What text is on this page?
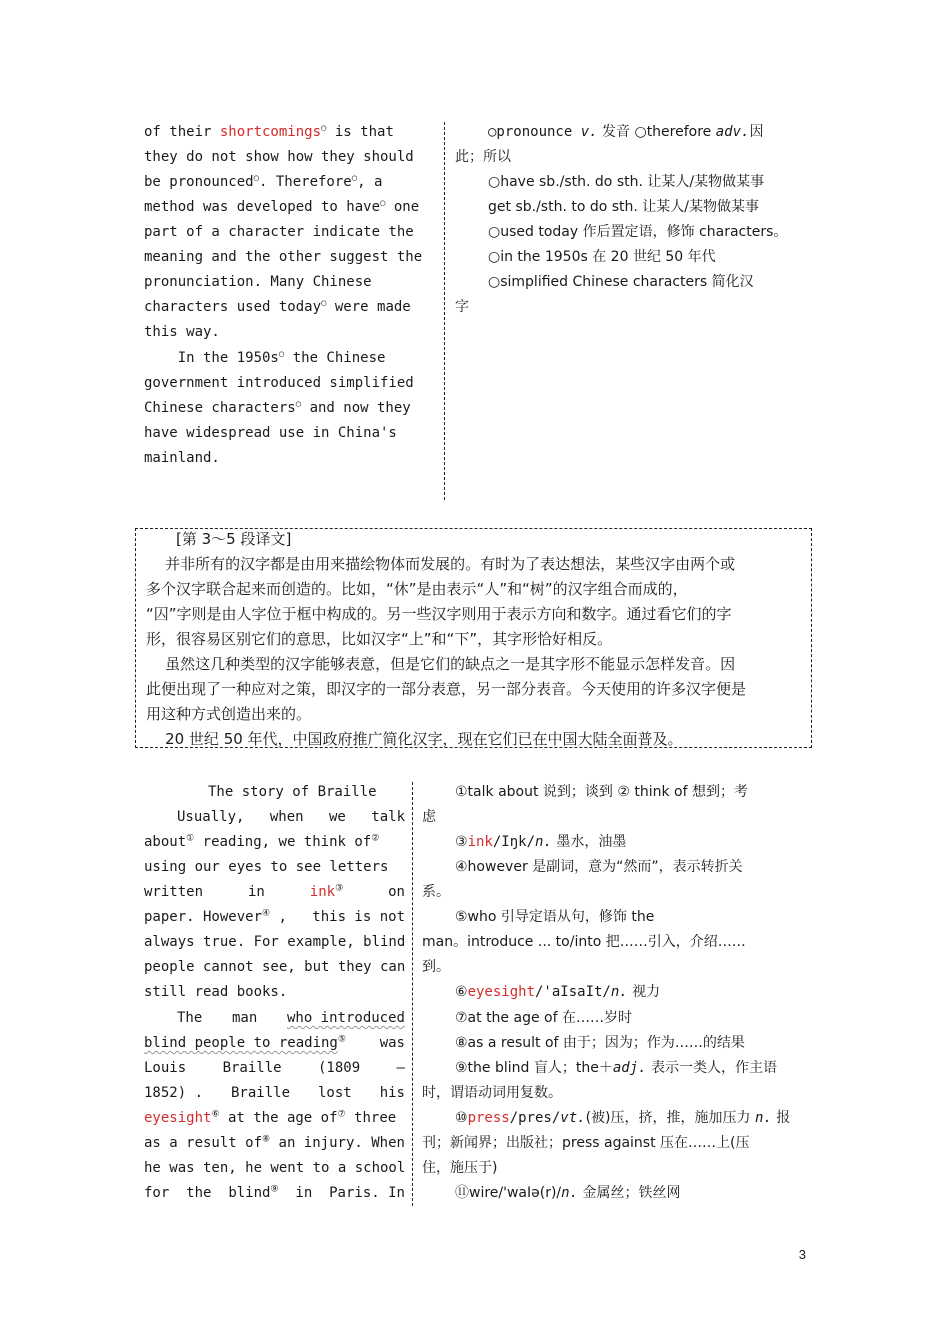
of their shortcomings○ is that
they do not show how they should
be pronounced○. Therefore○, a
method was developed to have○ one
part of a character indicate the
meaning and the other suggest the
pronunciation. Many Chinese
characters used today○ were made
this way.
In the 1950s○ the Chinese
government introduced simplified
Chinese characters○ and now they
have widespread use in China's
mainland.
○pronounce v. 发音 ○therefore adv.因
此；所以
○have sb./sth. do sth. 让某人/某物做某事
get sb./sth. to do sth. 让某人/某物做某事
○used today 作后置定语，修饰 characters。
○in the 1950s 在 20 世纪 50 年代
○simplified Chinese characters 简化汉
字
[第 3～5 段译文]
并非所有的汉字都是由用来描绘物体而发展的。有时为了表达想法，某些汉字由两个或
多个汉字联合起来而创造的。比如，“休”是由表示“人”和“树”的汉字组合而成的，
“囚”字则是由人字位于框中构成的。另一些汉字则用于表示方向和数字。通过看它们的字
形，很容易区别它们的意思，比如汉字“上”和“下”，其字形恰好相反。
虽然这几种类型的汉字能够表意，但是它们的缺点之一是其字形不能显示怎样发音。因
此便出现了一种应对之策，即汉字的一部分表意，另一部分表音。今天使用的许多汉字便是
用这种方式创造出来的。
20 世纪 50 年代，中国政府推广简化汉字，现在它们已在中国大陆全面普及。
The story of Braille
Usually, when we talk
about① reading, we think of②
using our eyes to see letters
written	in	ink③	on
paper. However④ , this is not
always true. For example, blind
people cannot see, but they can
still read books.
The man who introduced
blind people to reading⑤ was
Louis	Braille	(1809	—
1852) . Braille lost his
eyesight⑥ at the age of⑦ three
as a result of⑧ an injury. When
he was ten, he went to a school
for the blind⑨ in Paris. In
①talk about 说到；谈到 ② think of 想到；考
虑
③ink/Iŋk/n. 墨水，油墨
④however 是副词，意为“然而”，表示转折关
系。
⑤who 引导定语从句，修饰 the
man。introduce ... to/into 把……引入，介绍……
到。
⑥eyesight/'aIsaIt/n. 视力
⑦at the age of 在……岁时
⑧as a result of 由于；因为；作为……的结果
⑨the blind 盲人；the＋adj. 表示一类人，作主语
时，谓语动词用复数。
⑩press/pres/vt.(被)压，挤，推，施加压力 n. 报
刊；新闻界；出版社；press against 压在……上(压
住，施压于)
⑪wire/'waIə(r)/n. 金属丝；铁丝网
3
